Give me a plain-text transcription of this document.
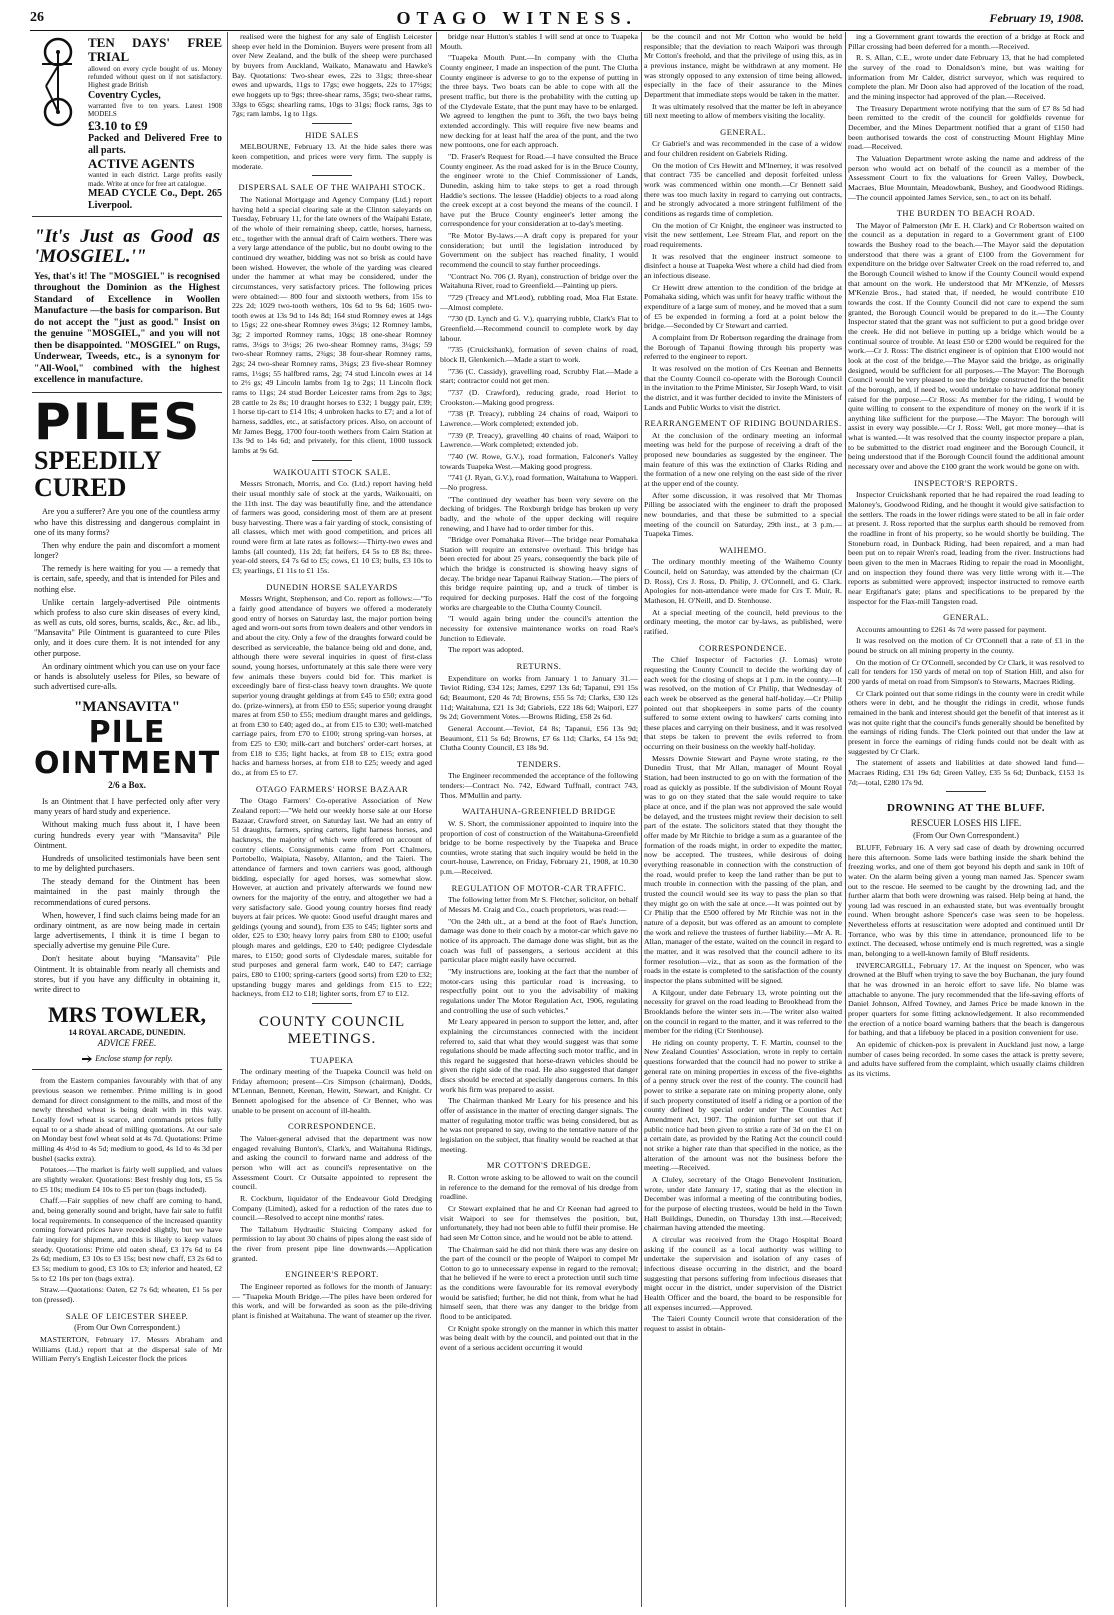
26	OTAGO WITNESS.	February 19, 1908.
TEN DAYS' FREE TRIAL
allowed on every cycle bought of us. Money refunded without quest on if not satisfactory. Highest grade British
Coventry Cycles,
warranted five to ten years. Latest 1908 MODELS
£3.10 to £9
Packed and Delivered Free to all parts.
ACTIVE AGENTS
wanted in each district. Large profits easily made. Write at once for free art catalogue.
MEAD CYCLE Co., Dept. 265 Liverpool.
"It's Just as Good as 'MOSGIEL.'"
Yes, that's it! The "MOSGIEL" is recognised throughout the Dominion as the Highest Standard of Excellence in Woollen Manufacture —the basis for comparison. But do not accept the "just as good." Insist on the genuine "MOSGIEL," and you will not then be disappointed. "MOSGIEL" on Rugs, Underwear, Tweeds, etc., is a synonym for "All-Wool," combined with the highest excellence in manufacture.
PILES
SPEEDILY
CURED

Are you a sufferer? Are you one of the countless army who have this distressing and dangerous complaint in one of its many forms?

Then why endure the pain and discomfort a moment longer?

The remedy is here waiting for you — a remedy that is certain, safe, speedy, and that is intended for Piles and nothing else.

Unlike certain largely-advertised Pile ointments which profess to also cure skin diseases of every kind, as well as cuts, old sores, burns, scalds, &c., &c. ad lib., "Mansavita" Pile Ointment is guaranteed to cure Piles only, and it does cure them. It is not intended for any other purpose.

An ordinary ointment which you can use on your face or hands is absolutely useless for Piles, so beware of such advertised cure-alls.

"MANSAVITA"
PILE OINTMENT
2/6 a Box.

Is an Ointment that I have perfected only after very many years of hard study and experience.

Without making much fuss about it, I have been curing hundreds every year with "Mansavita" Pile Ointment.

Hundreds of unsolicited testimonials have been sent to me by delighted purchasers.

The steady demand for the Ointment has been maintained in the past mainly through the recommendations of cured persons.

When, however, I find such claims being made for an ordinary ointment, as are now being made in certain large advertisements, I think it is time I began to specially advertise my genuine Pile Cure.

Don't hesitate about buying "Mansavita" Pile Ointment. It is obtainable from nearly all chemists and stores, but if you have any difficulty in obtaining it, write direct to

MRS TOWLER,
14 ROYAL ARCADE, DUNEDIN.
ADVICE FREE.
Enclose stamp for reply.

from the Eastern companies favourably with that of any previous season we remember. Prime milling is in good demand for direct consignment to the mills, and most of the newly threshed wheat is being dealt with in this way. Locally fowl wheat is scarce, and commands prices fully equal to or a shade ahead of milling quotations. At our sale on Monday best fowl wheat sold at 4s 7d. Quotations: Prime milling 4s 4½d to 4s 5d; medium to good, 4s 1d to 4s 3d per bushel (sacks extra).

Potatoes.—The market is fairly well supplied, and values are slightly weaker. Quotations: Best freshly dug lots, £5 5s to £5 10s; medium £4 10s to £5 per ton (bags included).

Chaff.—Fair supplies of new chaff are coming to hand, and, being generally sound and bright, have fair sale to fulfil local requirements. In consequence of the increased quantity coming forward prices have receded slightly, but we have fair inquiry for shipment, and this is likely to keep values steady. Quotations: Prime old oaten sheaf, £3 17s 6d to £4 2s 6d; medium, £3 10s to £3 15s; best new chaff, £3 2s 6d to £3 5s; medium to good, £3 10s to £3; inferior and heated, £2 5s to £2 10s per ton (bags extra).

Straw.—Quotations: Oaten, £2 7s 6d; wheaten, £1 5s per ton (pressed).

SALE OF LEICESTER SHEEP.
(From Our Own Correspondent.)

MASTERTON, February 17. Messrs Abraham and Williams (Ltd.) report that at the dispersal sale of Mr William Perry's English Leicester flock the prices

realised were the highest for any sale of English Leicester sheep ever held in the Dominion. Buyers were present from all over New Zealand, and the bulk of the sheep were purchased by buyers from Auckland, Waikato, Manawatu and Hawke's Bay. Quotations: Two-shear ewes, 22s to 31gs; three-shear ewes and upwards, 11gs to 17gs; ewe hoggets, 22s to 17½gs; ewe hoggets up to 9gs; three-shear rams, 35gs; two-shear rams, 33gs to 65gs; shearling rams, 10gs to 31gs; flock rams, 3gs to 7gs; ram lambs, 1g to 11gs.

HIDE SALES

MELBOURNE, February 13. At the hide sales there was keen competition, and prices were very firm. The supply is moderate.

DISPERSAL SALE OF THE WAIPAHI STOCK.

The National Mortgage and Agency Company (Ltd.) report having held a special clearing sale at the Clinton saleyards on Tuesday, February 11, for the late owners of the Waipahi Estate, of the whole of their remaining sheep, cattle, horses, harness, etc., together with the annual draft of Cairn wethers. There was a very large attendance of the public, but no doubt owing to the continued dry weather, bidding was not so brisk as could have been wished. However, the whole of the yarding was cleared under the hammer at what may be considered, under the circumstances, very satisfactory prices. The following prices were obtained:— 800 four and sixtooth wethers, from 15s to 22s 2d; 1029 two-tooth wethers, 10s 6d to 9s 6d; 1605 two-tooth ewes at 13s 9d to 14s 8d; 164 stud Romney ewes at 14gs to 15gs; 22 one-shear Romney ewes 3¼gs; 12 Romney lambs, 3g; 2 imported Romney rams, 10gs; 18 one-shear Romney rams, 3¼gs to 3½gs; 26 two-shear Romney rams, 3¼gs; 59 two-shear Romney rams, 2¾gs; 38 four-shear Romney rams, 2gs; 24 two-shear Romney rams, 3¾gs; 23 five-shear Romney rams, 1½gs; 55 halfbred rams, 2g; 74 stud Lincoln ewes at 14 to 2½ gs; 49 Lincoln lambs from 1g to 2gs; 11 Lincoln flock rams to 11gs; 24 stud Border Leicester rams from 2gs to 3gs; 28 cattle to 2s 8s; 10 draught horses to £32; 1 buggy pair, £39; 1 horse tip-cart to £14 10s; 4 unbroken hacks to £7; and a lot of harness, saddles, etc., at satisfactory prices. Also, on account of Mr James Begg, 1700 four-tooth wethers from Cairn Station at 13s 9d to 14s 6d; and privately, for this client, 1000 tussock lambs at 9s 6d.

WAIKOUAITI STOCK SALE.

Messrs Stronach, Morris, and Co. (Ltd.) report having held their usual monthly sale of stock at the yards, Waikouaiti, on the 11th inst. The day was beautifully fine, and the attendance of farmers was good, considering most of them are at present busy harvesting. There was a fair yarding of stock, consisting of all classes, which met with good competition, and prices all round were firm at late rates as follows:—Thirty-two ewes and lambs (all counted), 11s 2d; fat heifers, £4 5s to £8 8s; three-year-old steers, £4 7s 6d to £5; cows, £1 10 £3; bulls, £3 10s to £3; yearlings, £1 11s to £1 15s.

DUNEDIN HORSE SALEYARDS

Messrs Wright, Stephenson, and Co. report as follows:—"To a fairly good attendance of buyers we offered a moderately good entry of horses on Saturday last, the major portion being aged and worn-out sorts from town dealers and other vendors in and about the city. Only a few of the draughts forward could be described as serviceable, the balance being old and done, and, although there were several inquiries in quest of first-class sound, young horses, unfortunately at this sale there were very few animals these buyers could bid for. This market is exceedingly bare of first-class heavy town draughts. We quote superior young draught geldings at from £45 to £50; extra good do. (prize-winners), at from £50 to £55; superior young draught mares at from £50 to £55; medium draught mares and geldings, at from £30 to £40; aged do., at from £15 to £30; well-matched carriage pairs, from £70 to £100; strong spring-van horses, at from £25 to £30; milk-cart and butchers' order-cart horses, at from £18 to £35; light hacks, at from £8 to £15; extra good hacks and harness horses, at from £18 to £25; weedy and aged do., at from £5 to £7.

OTAGO FARMERS' HORSE BAZAAR

The Otago Farmers' Co-operative Association of New Zealand report:—"We held our weekly horse sale at our Horse Bazaar, Crawford street, on Saturday last. We had an entry of 51 draughts, farmers, spring carters, light harness horses, and hackneys, the majority of which were offered on account of country clients. Consignments came from Port Chalmers, Portobello, Waipiata, Naseby, Allanton, and the Taieri. The attendance of farmers and town carriers was good, although bidding, especially for aged horses, was somewhat slow. However, at auction and privately afterwards we found new owners for the majority of the entry, and altogether we had a very satisfactory sale. Good young country horses find ready buyers at fair prices. We quote: Good useful draught mares and geldings (young and sound), from £35 to £45; lighter sorts and older, £25 to £30; heavy lorry pairs from £80 to £100; useful plough mares and geldings, £20 to £40; pedigree Clydesdale mares, to £150; good sorts of Clydesdale mares, suitable for stud purposes and general farm work, £40 to £47; carriage pairs, £80 to £100; spring-carters (good sorts) from £20 to £32; upstanding buggy mares and geldings from £15 to £22; hackneys, from £12 to £18; lighter sorts, from £7 to £12.

COUNTY COUNCIL MEETINGS.
TUAPEKA

The ordinary meeting of the Tuapeka Council was held on Friday afternoon; present—Crs Simpson (chairman), Dodds, M'Lennan, Bennett, Keenan, Hewitt, Stewart, and Knight. Cr Bennett apologised for the absence of Cr Bennet, who was unable to be present on account of ill-health.

CORRESPONDENCE.

The Valuer-general advised that the department was now engaged revaluing Bunton's, Clark's, and Waitahuna Ridings, and asking the council to forward name and address of the person who will act as council's representative on the Assessment Court. Cr Outsaite appointed to represent the council.

R. Cockburn, liquidator of the Endeavour Gold Dredging Company (Limited), asked for a reduction of the rates due to council.—Resolved to accept nine months' rates.

The Tallaburn Hydraulic Sluicing Company asked for permission to lay about 30 chains of pipes along the east side of the river from present pipe line downwards.—Application granted.

ENGINEER'S REPORT.

The Engineer reported as follows for the month of January:— "Tuapeka Mouth Bridge.—The piles have been ordered for this work, and will be forwarded as soon as the pile-driving plant is finished at Waitahuna. The want of steamer up the river.

bridge near Hutton's stables I will send at once to Tuapeka Mouth.

"Tuapeka Mouth Punt.—In company with the Clutha County engineer, I made an inspection of the punt. The Clutha County engineer is adverse to go to the expense of putting in the three bays. Two boats can be able to cope with all the present traffic, but there is the probability with the cutting up of the Clydevale Estate, that the punt may have to be enlarged. We agreed to lengthen the punt to 36ft, the two bays being extended accordingly. This will require five new beams and new decking for at least half the area of the punt, and the two new pontoons, one for each approach.

"D. Fraser's Request for Road.—I have consulted the Bruce County engineer. As the road asked for is in the Bruce County, the engineer wrote to the Chief Commissioner of Lands, Dunedin, asking him to take steps to get a road through Haddie's sections. The lessee (Haddie) objects to a road along the creek except at a cost beyond the means of the council. I have put the Bruce County engineer's letter among the correspondence for your consideration at to-day's meeting.

"Re Motor By-laws.—A draft copy is prepared for your consideration; but until the legislation introduced by Government on the subject has reached finality, I would recommend the council to stay further proceedings.

"Contract No. 706 (J. Ryan), construction of bridge over the Waitahuna River, road to Greenfield.—Painting up piers.

"729 (Treacy and M'Leod), rubbling road, Moa Flat Estate.—Almost complete.

"730 (D. Lynch and G. V.), quarrying rubble, Clark's Flat to Greenfield.—Recommend council to complete work by day labour.

"735 (Cruickshank), formation of seven chains of road, block II, Glenkenich.—Made a start to work.

"736 (C. Cassidy), gravelling road, Scrubby Flat.—Made a start; contractor could not get men.

"737 (D. Crawford), reducing grade, road Heriot to Crookston.—Making good progress.

"738 (P. Treacy), rubbling 24 chains of road, Waipori to Lawrence.—Work completed; extended job.

"739 (P. Treacy), gravelling 40 chains of road, Waipori to Lawrence.—Work completed; extended job.

"740 (W. Rowe, G.V.), road formation, Falconer's Valley towards Tuapeka West.—Making good progress.

"741 (J. Ryan, G.V.), road formation, Waitahuna to Wapperi.—No progress.

"The continued dry weather has been very severe on the decking of bridges. The Roxburgh bridge has broken up very badly, and the whole of the upper decking will require renewing, and I have had to order timber for this.

"Bridge over Pomahaka River—The bridge near Pomahaka Station will require an extensive overhaul. This bridge has been erected for about 25 years, consequently the back pile of which the bridge is constructed is showing heavy signs of decay. The bridge near Tapanui Railway Station.—The piers of this bridge require painting up, and a truck of timber is required for decking purposes. Half the cost of the forgoing works are chargeable to the Clutha County Council.

"I would again bring under the council's attention the necessity for extensive maintenance works on road Rae's Junction to Edievale.

The report was adopted.

RETURNS.

Expenditure on works from January 1 to January 31.—Teviot Riding, £34 12s; James, £297 13s 6d; Tapanui, £91 15s 6d; Beaumont, £20 4s 7d; Browns, £55 5s 7d; Clarks, £30 12s 11d; Waitahuna, £21 1s 3d; Gabriels, £22 18s 6d; Waipori, £27 9s 2d; Government Votes.—Browns Riding, £58 2s 6d.

General Account.—Teviot, £4 8s; Tapanui, £56 13s 9d; Beaumont, £11 5s 6d; Browns, £7 6s 11d; Clarks, £4 15s 9d; Clutha County Council, £3 18s 9d.

TENDERS.

The Engineer recommended the acceptance of the following tenders:—Contract No. 742, Edward Tuffnall, contract 743, Thos. M'Mullin and party.

WAITAHUNA-GREENFIELD BRIDGE

W. S. Short, the commissioner appointed to inquire into the proportion of cost of construction of the Waitahuna-Greenfield bridge to be borne respectively by the Tuapeka and Bruce counties, wrote stating that such inquiry would be held in the court-house, Lawrence, on Friday, February 21, 1908, at 10.30 p.m.—Received.

REGULATION OF MOTOR-CAR TRAFFIC.

The following letter from Mr S. Fletcher, solicitor, on behalf of Messrs M. Craig and Co., coach proprietors, was read:—

"On the 24th ult., at a bend at the foot of Rae's Junction, damage was done to their coach by a motor-car which gave no notice of its approach. The damage done was slight, but as the coach was full of passengers, a serious accident at this particular place might easily have occurred.

"My instructions are, looking at the fact that the number of motor-cars using this particular road is increasing, to respectfully point out to you the advisability of making regulations under The Motor Regulation Act, 1906, regulating and controlling the use of such vehicles."

Mr Leary appeared in person to support the letter, and, after explaining the circumstances connected with the incident referred to, said that what they would suggest was that some regulations should be made affecting such motor traffic, and in this regard he suggested that horse-drawn vehicles should be given the right side of the road. He also suggested that danger discs should be erected at specially dangerous corners. In this work his firm was prepared to assist.

The Chairman thanked Mr Leary for his presence and his offer of assistance in the matter of erecting danger signals. The matter of regulating motor traffic was being considered, but as he was not prepared to say, owing to the tentative nature of the legislation on the subject, that finality would be reached at that meeting.

MR COTTON'S DREDGE.

R. Cotton wrote asking to be allowed to wait on the council in reference to the demand for the removal of his dredge from roadline.

Cr Stewart explained that he and Cr Keenan had agreed to visit Waipori to see for themselves the position, but, unfortunately, they had not been able to fulfil their promise. He had seen Mr Cotton since, and he would not be able to attend.

The Chairman said he did not think there was any desire on the part of the council or the people of Waipori to compel Mr Cotton to go to unnecessary expense in regard to the removal; that he believed if he were to erect a protection until such time as the conditions were favourable for its removal everybody would be satisfied; further, he did not think, from what he had himself seen, that there was any danger to the bridge from flood to be anticipated.

Cr Knight spoke strongly on the manner in which this matter was being dealt with by the council, and pointed out that in the event of a serious accident occurring it would

be the council and not Mr Cotton who would be held responsible; that the deviation to reach Waipori was through Mr Cotton's freehold, and that the privilege of using this, as in a previous instance, might be withdrawn at any moment. He was strongly opposed to any extension of time being allowed, especially in the face of their assurance to the Mines Department that immediate steps would be taken in the matter.

It was ultimately resolved that the matter be left in abeyance till next meeting to allow of members visiting the locality.

GENERAL.

Cr Gabriel's and was recommended in the case of a widow and four children resident on Gabriels Riding.

On the motion of Crs Hewitt and M'Inerney, it was resolved that contract 735 be cancelled and deposit forfeited unless work was commenced within one month.—Cr Bennett said there was too much laxity in regard to carrying out contracts, and he strongly advocated a more stringent fulfilment of the conditions as regards time of completion.

On the motion of Cr Knight, the engineer was instructed to visit the new settlement, Lee Stream Flat, and report on the road requirements.

It was resolved that the engineer instruct someone to disinfect a house at Tuapeka West where a child had died from an infectious disease.

Cr Hewitt drew attention to the condition of the bridge at Pomahaka siding, which was unfit for heavy traffic without the expenditure of a large sum of money, and he moved that a sum of £5 be expended in forming a ford at a point below the bridge.—Seconded by Cr Stewart and carried.

A complaint from Dr Robertson regarding the drainage from the Borough of Tapanui flowing through his property was referred to the engineer to report.

It was resolved on the motion of Crs Keenan and Bennetts that the County Council co-operate with the Borough Council in the invitation to the Prime Minister, Sir Joseph Ward, to visit the district, and it was further decided to invite the Ministers of Lands and Public Works to visit the district.

REARRANGEMENT OF RIDING BOUNDARIES.

At the conclusion of the ordinary meeting an informal meeting was held for the purpose of receiving a draft of the proposed new boundaries as suggested by the engineer. The main feature of this was the extinction of Clarks Riding and the formation of a new one relying on the east side of the river at the upper end of the county.

After some discussion, it was resolved that Mr Thomas Pilling be associated with the engineer to draft the proposed new boundaries, and that these be submitted to a special meeting of the council on Saturday, 29th inst., at 3 p.m.—Tuapeka Times.

WAIHEMO.

The ordinary monthly meeting of the Waihemo County Council, held on Saturday, was attended by the chairman (Cr D. Ross), Crs J. Ross, D. Philip, J. O'Connell, and G. Clark. Apologies for non-attendance were made for Crs T. Muir, R. Matheson, H. O'Neill, and D. Stenhouse.

At a special meeting of the council, held previous to the ordinary meeting, the motor car by-laws, as published, were ratified.

CORRESPONDENCE.

The Chief Inspector of Factories (J. Lomas) wrote requesting the County Council to decide the working day of each week for the closing of shops at 1 p.m. in the county.—It was resolved, on the motion of Cr Philip, that Wednesday of each week be observed as the general half-holiday.—Cr Philip pointed out that shopkeepers in some parts of the county suffered to some extent owing to hawkers' carts coming into these places and carrying on their business, and it was resolved that steps be taken to prevent the evils referred to from occurring on their business on the weekly half-holiday.

Messrs Downie Stewart and Payne wrote stating, re the Dunedin Trust, that Mr Allan, manager of Mount Royal Station, had been instructed to go on with the formation of the road as quickly as possible. If the subdivision of Mount Royal was to go on they stated that the sale would require to take place at once, and if the plan was not approved the sale would be delayed, and the trustees might review their decision to sell part of the estate. The solicitors stated that they thought the offer made by Mr Ritchie to bridge a sum as a guarantee of the formation of the roads might, in order to expedite the matter, now be accepted. The trustees, while desirous of doing everything reasonable in connection with the construction of the road, would prefer to keep the land rather than be put to much trouble in connection with the passing of the plan, and trusted the council would see its way to pass the plan so that they might go on with the sale at once.—It was pointed out by Cr Philip that the £500 offered by Mr Ritchie was not in the nature of a deposit, but was offered as an amount to complete the work and relieve the trustees of further liability.—Mr A. R. Allan, manager of the estate, waited on the council in regard to the matter, and it was resolved that the council adhere to its former resolution—viz., that as soon as the formation of the roads in the estate is completed to the satisfaction of the county inspector the plans submitted will be signed.

A Kilgour, under date February 13, wrote pointing out the necessity for gravel on the road leading to Brookhead from the Brooklands before the winter sets in.—The writer also waited on the council in regard to the matter, and it was referred to the member for the riding (Cr Stenhouse).

He riding on county property, T. F. Martin, counsel to the New Zealand Counties' Association, wrote in reply to certain questions forwarded that the council had no power to strike a general rate on mining properties in excess of the five-eighths of a penny struck over the rest of the county. The council had power to strike a separate rate on mining property alone, only if such property constituted of itself a riding or a portion of the county defined by special order under The Counties Act Amendment Act, 1907. The opinion further set out that if public notice had been given to strike a rate of 3d on the £1 on a certain date, as provided by the Rating Act the council could not strike a higher rate than that specified in the notice, as the alteration of the amount was not the business before the meeting.—Received.

A Cluley, secretary of the Otago Benevolent Institution, wrote, under date January 17, stating that as the election in December was informal a meeting of the contributing bodies, for the purpose of electing trustees, would be held in the Town Hall Buildings, Dunedin, on Thursday 13th inst.—Received; chairman having attended the meeting.

A circular was received from the Otago Hospital Board asking if the council as a local authority was willing to undertake the supervision and isolation of any cases of infectious disease occurring in the district, and the board suggesting that persons suffering from infectious diseases that might occur in the district, under supervision of the District Health Officer and the board, the board to be responsible for all expenses incurred.—Approved.

The Taieri County Council wrote that consideration of the request to assist in obtain-

ing a Government grant towards the erection of a bridge at Rock and Pillar crossing had been deferred for a month.—Received.

R. S. Allan, C.E., wrote under date February 13, that he had completed the survey of the road to Donaldson's mine, but was waiting for information from Mr Calder, district surveyor, which was required to complete the plan. Mr Doon also had approved of the location of the road, and the mining inspector had approved of the plan.—Received.

The Treasury Department wrote notifying that the sum of £7 8s 5d had been remitted to the credit of the council for goldfields revenue for December, and the Mines Department notified that a grant of £150 had been authorised towards the cost of constructing Mount Highlay Mine road.—Received.

The Valuation Department wrote asking the name and address of the person who would act on behalf of the council as a member of the Assessment Court to fix the valuations for Green Valley, Dowbeck, Macraes, Blue Mountain, Meadowbank, Bushey, and Goodwood Ridings.—The council appointed James Service, sen., to act on its behalf.

THE BURDEN TO BEACH ROAD.

The Mayor of Palmerston (Mr E. H. Clark) and Cr Robertson waited on the council as a deputation in regard to a Government grant of £100 towards the Bushey road to the beach.—The Mayor said the deputation understood that there was a grant of £100 from the Government for expenditure on the bridge over Saltwater Creek on the road referred to, and the Borough Council wished to know if the County Council would expend that amount on the work. He understood that Mr M'Kenzie, of Messrs M'Kenzie Bros., had stated that, if needed, he would contribute £10 towards the cost. If the County Council did not care to expend the sum granted, the Borough Council would be prepared to do it.—The County Inspector stated that the grant was not sufficient to put a good bridge over the creek. He did not believe in putting up a bridge which would be a continual source of trouble. At least £50 or £200 would be required for the work.—Cr J. Ross: The district engineer is of opinion that £100 would not look at the cost of the bridge.—The Mayor said the bridge, as originally designed, would be sufficient for all purposes.—The Mayor: The Borough Council would be very pleased to see the bridge constructed for the benefit of the borough, and, if need be, would undertake to have additional money raised for the purpose.—Cr Ross: As member for the riding, I would be quite willing to consent to the expenditure of money on the work if it is anything like sufficient for the purpose.—The Mayor: The borough will assist in every way possible.—Cr J. Ross: Well, get more money—that is what is wanted.—It was resolved that the county inspector prepare a plan, to be submitted to the district road engineer and the Borough Council, it being understood that if the Borough Council found the additional amount necessary over and above the £100 grant the work would be gone on with.

INSPECTOR'S REPORTS.

Inspector Cruickshank reported that he had repaired the road leading to Maloney's, Goodwood Riding, and he thought it would give satisfaction to the settlers. The roads in the lower ridings were stated to be all in fair order at present. J. Ross reported that the surplus earth should be removed from the roadline in front of his property, so he would shortly be building. The Stoneburn road, in Dunback Riding, had been repaired, and a man had been put on to repair Wren's road, leading from the river. Instructions had been given to the men in Macraes Riding to repair the road in Moonlight, and on inspection they found there was very little wrong with it.—The reports as submitted were approved; inspector instructed to remove earth near Ergiftanat's gate; plans and specifications to be prepared by the inspector for the Flax-mill Tangsten road.

GENERAL.

Accounts amounting to £261 4s 7d were passed for payment.

It was resolved on the motion of Cr O'Connell that a rate of £1 in the pound be struck on all mining property in the county.

On the motion of Cr O'Connell, seconded by Cr Clark, it was resolved to call for tenders for 150 yards of metal on top of Station Hill, and also for 200 yards of metal on road from Simpson's to Stewarts, Macraes Riding.

Cr Clark pointed out that some ridings in the county were in credit while others were in debt, and he thought the ridings in credit, whose funds remained in the bank and interest should get the benefit of that interest as it was not quite right that the council's funds generally should be benefited by the earnings of riding funds. The Clerk pointed out that under the law at present in force the earnings of riding funds could not be dealt with as suggested by Cr Clark.

The statement of assets and liabilities at date showed land fund—Macraes Riding, £31 19s 6d; Green Valley, £35 5s 6d; Dunback, £153 1s 7d;—total, £280 17s 9d.

DROWNING AT THE BLUFF.
RESCUER LOSES HIS LIFE.
(From Our Own Correspondent.)

BLUFF, February 16. A very sad case of death by drowning occurred here this afternoon. Some lads were bathing inside the shark behind the freezing works, and one of them got beyond his depth and sank in 10ft of water. On the alarm being given a young man named Jas. Spencer swam out to the rescue. He seemed to be caught by the drowning lad, and the further alarm that both were drowning was raised. Help being at hand, the young lad was rescued in an exhausted state, but was eventually brought round. When brought ashore Spencer's case was seen to be hopeless. Nevertheless efforts at resuscitation were adopted and continued until Dr Torrance, who was by this time in attendance, pronounced life to be extinct. The deceased, whose untimely end is much regretted, was a single man, belonging to a well-known family of Bluff residents.

INVERCARGILL, February 17. At the inquest on Spencer, who was drowned at the Bluff when trying to save the boy Buchanan, the jury found that he was drowned in an heroic effort to save life. No blame was attachable to anyone. The jury recommended that the life-saving efforts of Daniel Johnson, Alfred Towney, and James Price be made known in the proper quarters for some fitting acknowledgement. It also recommended the erection of a notice board warning bathers that the beach is dangerous for bathing, and that a lifebuoy be placed in a position convenient for use.

An epidemic of chicken-pox is prevalent in Auckland just now, a large number of cases being recorded. In some cases the attack is pretty severe, and adults have suffered from the complaint, which usually claims children as its victims.
